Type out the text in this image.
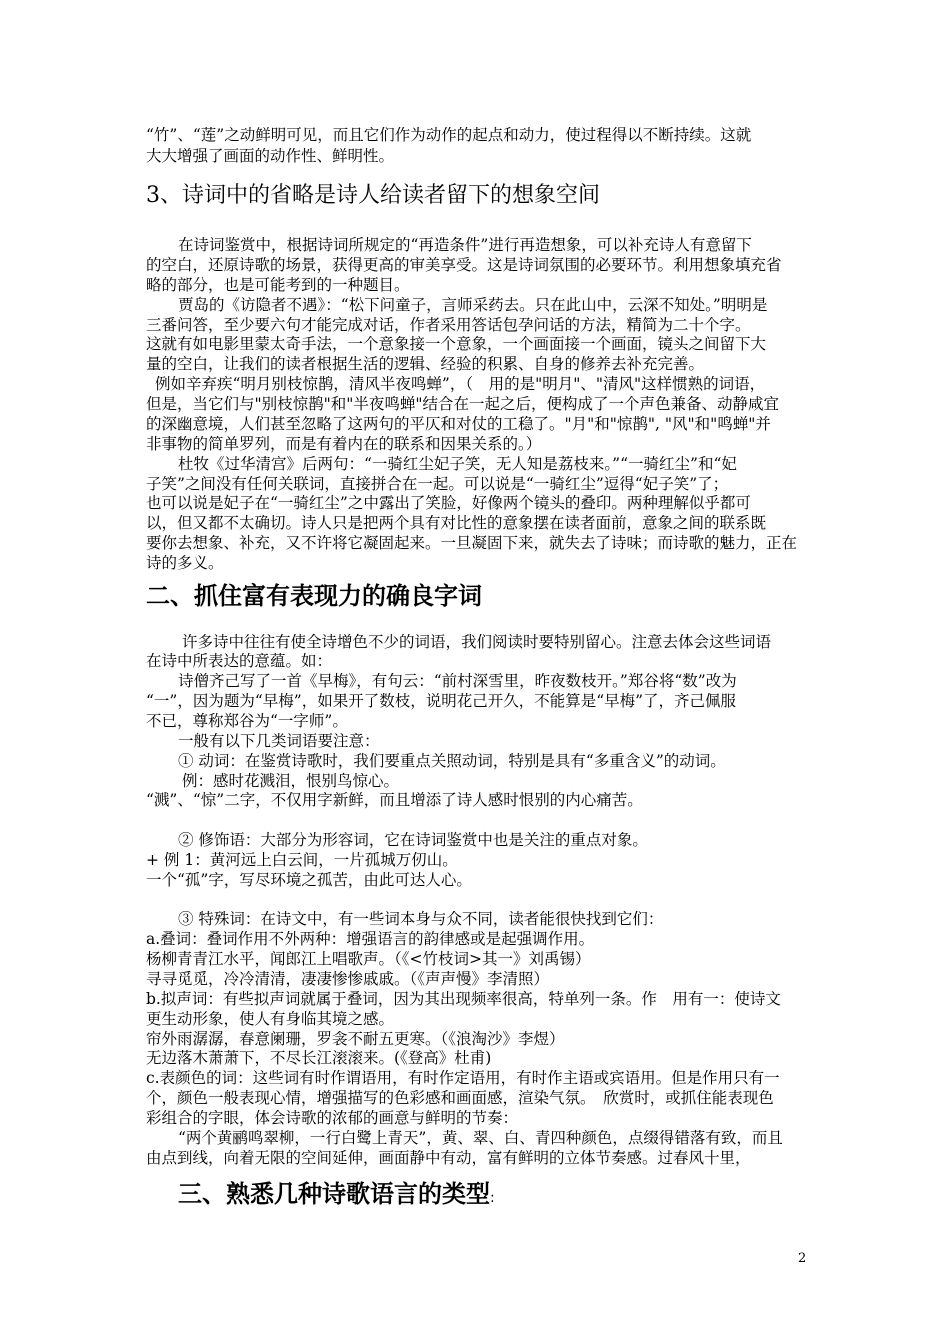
“竹”、“莲”之动鲜明可见，而且它们作为动作的起点和动力，使过程得以不断持续。这就
大大增强了画面的动作性、鲜明性。
3、诗词中的省略是诗人给读者留下的想象空间
在诗词鉴赏中，根据诗词所规定的“再造条件”进行再造想象，可以补充诗人有意留下
的空白，还原诗歌的场景，获得更高的审美享受。这是诗词氛围的必要环节。利用想象填充省
略的部分，也是可能考到的一种题目。
贾岛的《访隐者不遇》：“松下问童子，言师采药去。只在此山中，云深不知处。”明明是
三番问答，至少要六句才能完成对话，作者采用答话包孕问话的方法，精简为二十个字。
这就有如电影里蒙太奇手法，一个意象接一个意象，一个画面接一个画面，镜头之间留下大
量的空白，让我们的读者根据生活的逻辑、经验的积累、自身的修养去补充完善。
例如辛弃疾“明月别枝惊鹊，清风半夜鸣蝉”，（　用的是"明月"、"清风"这样惯熟的词语，
但是，当它们与"别枝惊鹊"和"半夜鸣蝉"结合在一起之后，便构成了一个声色兼备、动静咸宜
的深幽意境，人们甚至忽略了这两句的平仄和对仗的工稳了。"月"和"惊鹊", "风"和"鸣蝉"并
非事物的简单罗列，而是有着内在的联系和因果关系的。）
杜牧《过华清宫》后两句：“一骑红尘妃子笑，无人知是荔枝来。”“一骑红尘”和“妃
子笑”之间没有任何关联词，直接拼合在一起。可以说是“一骑红尘”逗得“妃子笑”了；
也可以说是妃子在“一骑红尘”之中露出了笑脸，好像两个镜头的叠印。两种理解似乎都可
以，但又都不太确切。诗人只是把两个具有对比性的意象摆在读者面前，意象之间的联系既
要你去想象、补充，又不许将它凝固起来。一旦凝固下来，就失去了诗味；而诗歌的魅力，正在
诗的多义。
二、抓住富有表现力的确良字词
许多诗中往往有使全诗增色不少的词语，我们阅读时要特别留心。注意去体会这些词语
在诗中所表达的意蕴。如：
诗僧齐己写了一首《早梅》，有句云：“前村深雪里，昨夜数枝开。”郑谷将“数”改为
“一”，因为题为“早梅”，如果开了数枝，说明花己开久，不能算是“早梅”了，齐己佩服
不已，尊称郑谷为“一字师”。
一般有以下几类词语要注意：
① 动词：在鉴赏诗歌时，我们要重点关照动词，特别是具有“多重含义”的动词。
例：感时花溅泪，恨别鸟惊心。
“溅”、“惊”二字，不仅用字新鲜，而且增添了诗人感时恨别的内心痛苦。
② 修饰语：大部分为形容词，它在诗词鉴赏中也是关注的重点对象。
+ 例 1：黄河远上白云间，一片孤城万仞山。
一个“孤”字，写尽环境之孤苦，由此可达人心。
③ 特殊词：在诗文中，有一些词本身与众不同，读者能很快找到它们：
a.叠词：叠词作用不外两种：增强语言的韵律感或是起强调作用。
杨柳青青江水平，闻郎江上唱歌声。（《<竹枝词>其一》刘禹锡）
寻寻觅觅，冷冷清清，凄凄惨惨戚戚。（《声声慢》李清照）
b.拟声词：有些拟声词就属于叠词，因为其出现频率很高，特单列一条。作　用有一：使诗文
更生动形象，使人有身临其境之感。
帘外雨潺潺，春意阑珊，罗衾不耐五更寒。（《浪淘沙》李煜）
无边落木萧萧下，不尽长江滚滚来。(《登高》杜甫)
c.表颜色的词：这些词有时作谓语用，有时作定语用，有时作主语或宾语用。但是作用只有一
个，颜色一般表现心情，增强描写的色彩感和画面感，渲染气氛。　欣赏时，或抓住能表现色
彩组合的字眼，体会诗歌的浓郁的画意与鲜明的节奏：
“两个黄鹂鸣翠柳，一行白鹭上青天”，黄、翠、白、青四种颜色，点缀得错落有致，而且
由点到线，向着无限的空间延伸，画面静中有动，富有鲜明的立体节奏感。过春风十里，
三、熟悉几种诗歌语言的类型:
2
